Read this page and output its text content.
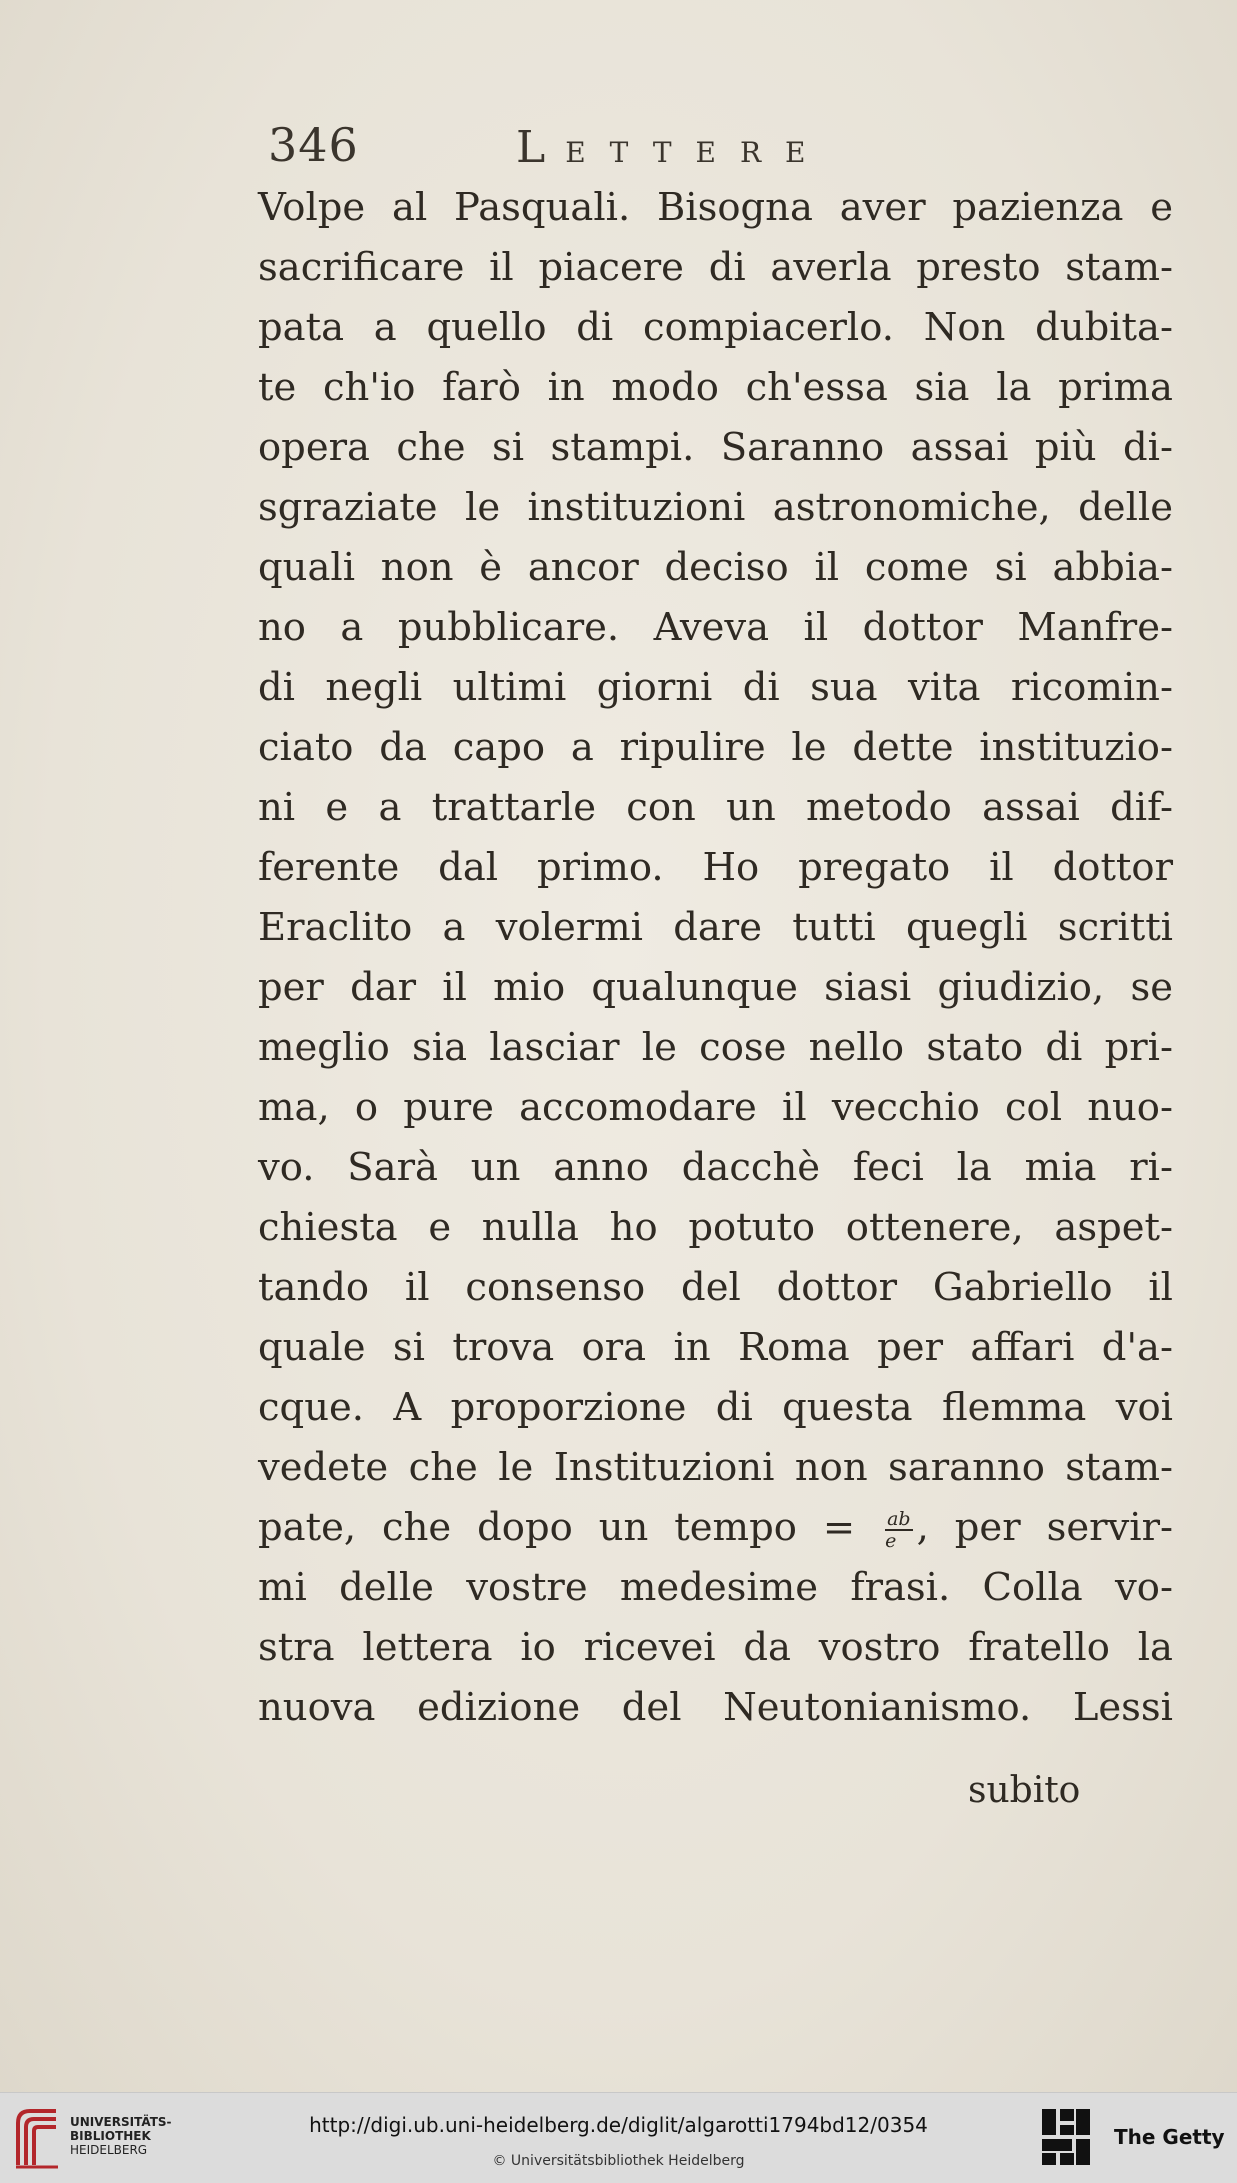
346	LETTERE
Volpe al Pasquali. Bisogna aver pazienza e
sacrificare il piacere di averla presto stam-
pata a quello di compiacerlo. Non dubita-
te ch'io farò in modo ch'essa sia la prima
opera che si stampi. Saranno assai più di-
sgraziate le instituzioni astronomiche, delle
quali non è ancor deciso il come si abbia-
no a pubblicare. Aveva il dottor Manfre-
di negli ultimi giorni di sua vita ricomin-
ciato da capo a ripulire le dette instituzio-
ni e a trattarle con un metodo assai dif-
ferente dal primo. Ho pregato il dottor
Eraclito a volermi dare tutti quegli scritti
per dar il mio qualunque siasi giudizio, se
meglio sia lasciar le cose nello stato di pri-
ma, o pure accomodare il vecchio col nuo-
vo. Sarà un anno dacchè feci la mia ri-
chiesta e nulla ho potuto ottenere, aspet-
tando il consenso del dottor Gabriello il
quale si trova ora in Roma per affari d'a-
cque. A proporzione di questa flemma voi
vedete che le Instituzioni non saranno stam-
pate, che dopo un tempo = $\frac{ab}{e}$ , per servir-
mi delle vostre medesime frasi. Colla vo-
stra lettera io ricevei da vostro fratello la
nuova edizione del Neutonianismo. Lessi
subito
UNIVERSITÄTS-
BIBLIOTHEK
HEIDELBERG
http://digi.ub.uni-heidelberg.de/diglit/algarotti1794bd12/0354
© Universitätsbibliothek Heidelberg
The Getty
